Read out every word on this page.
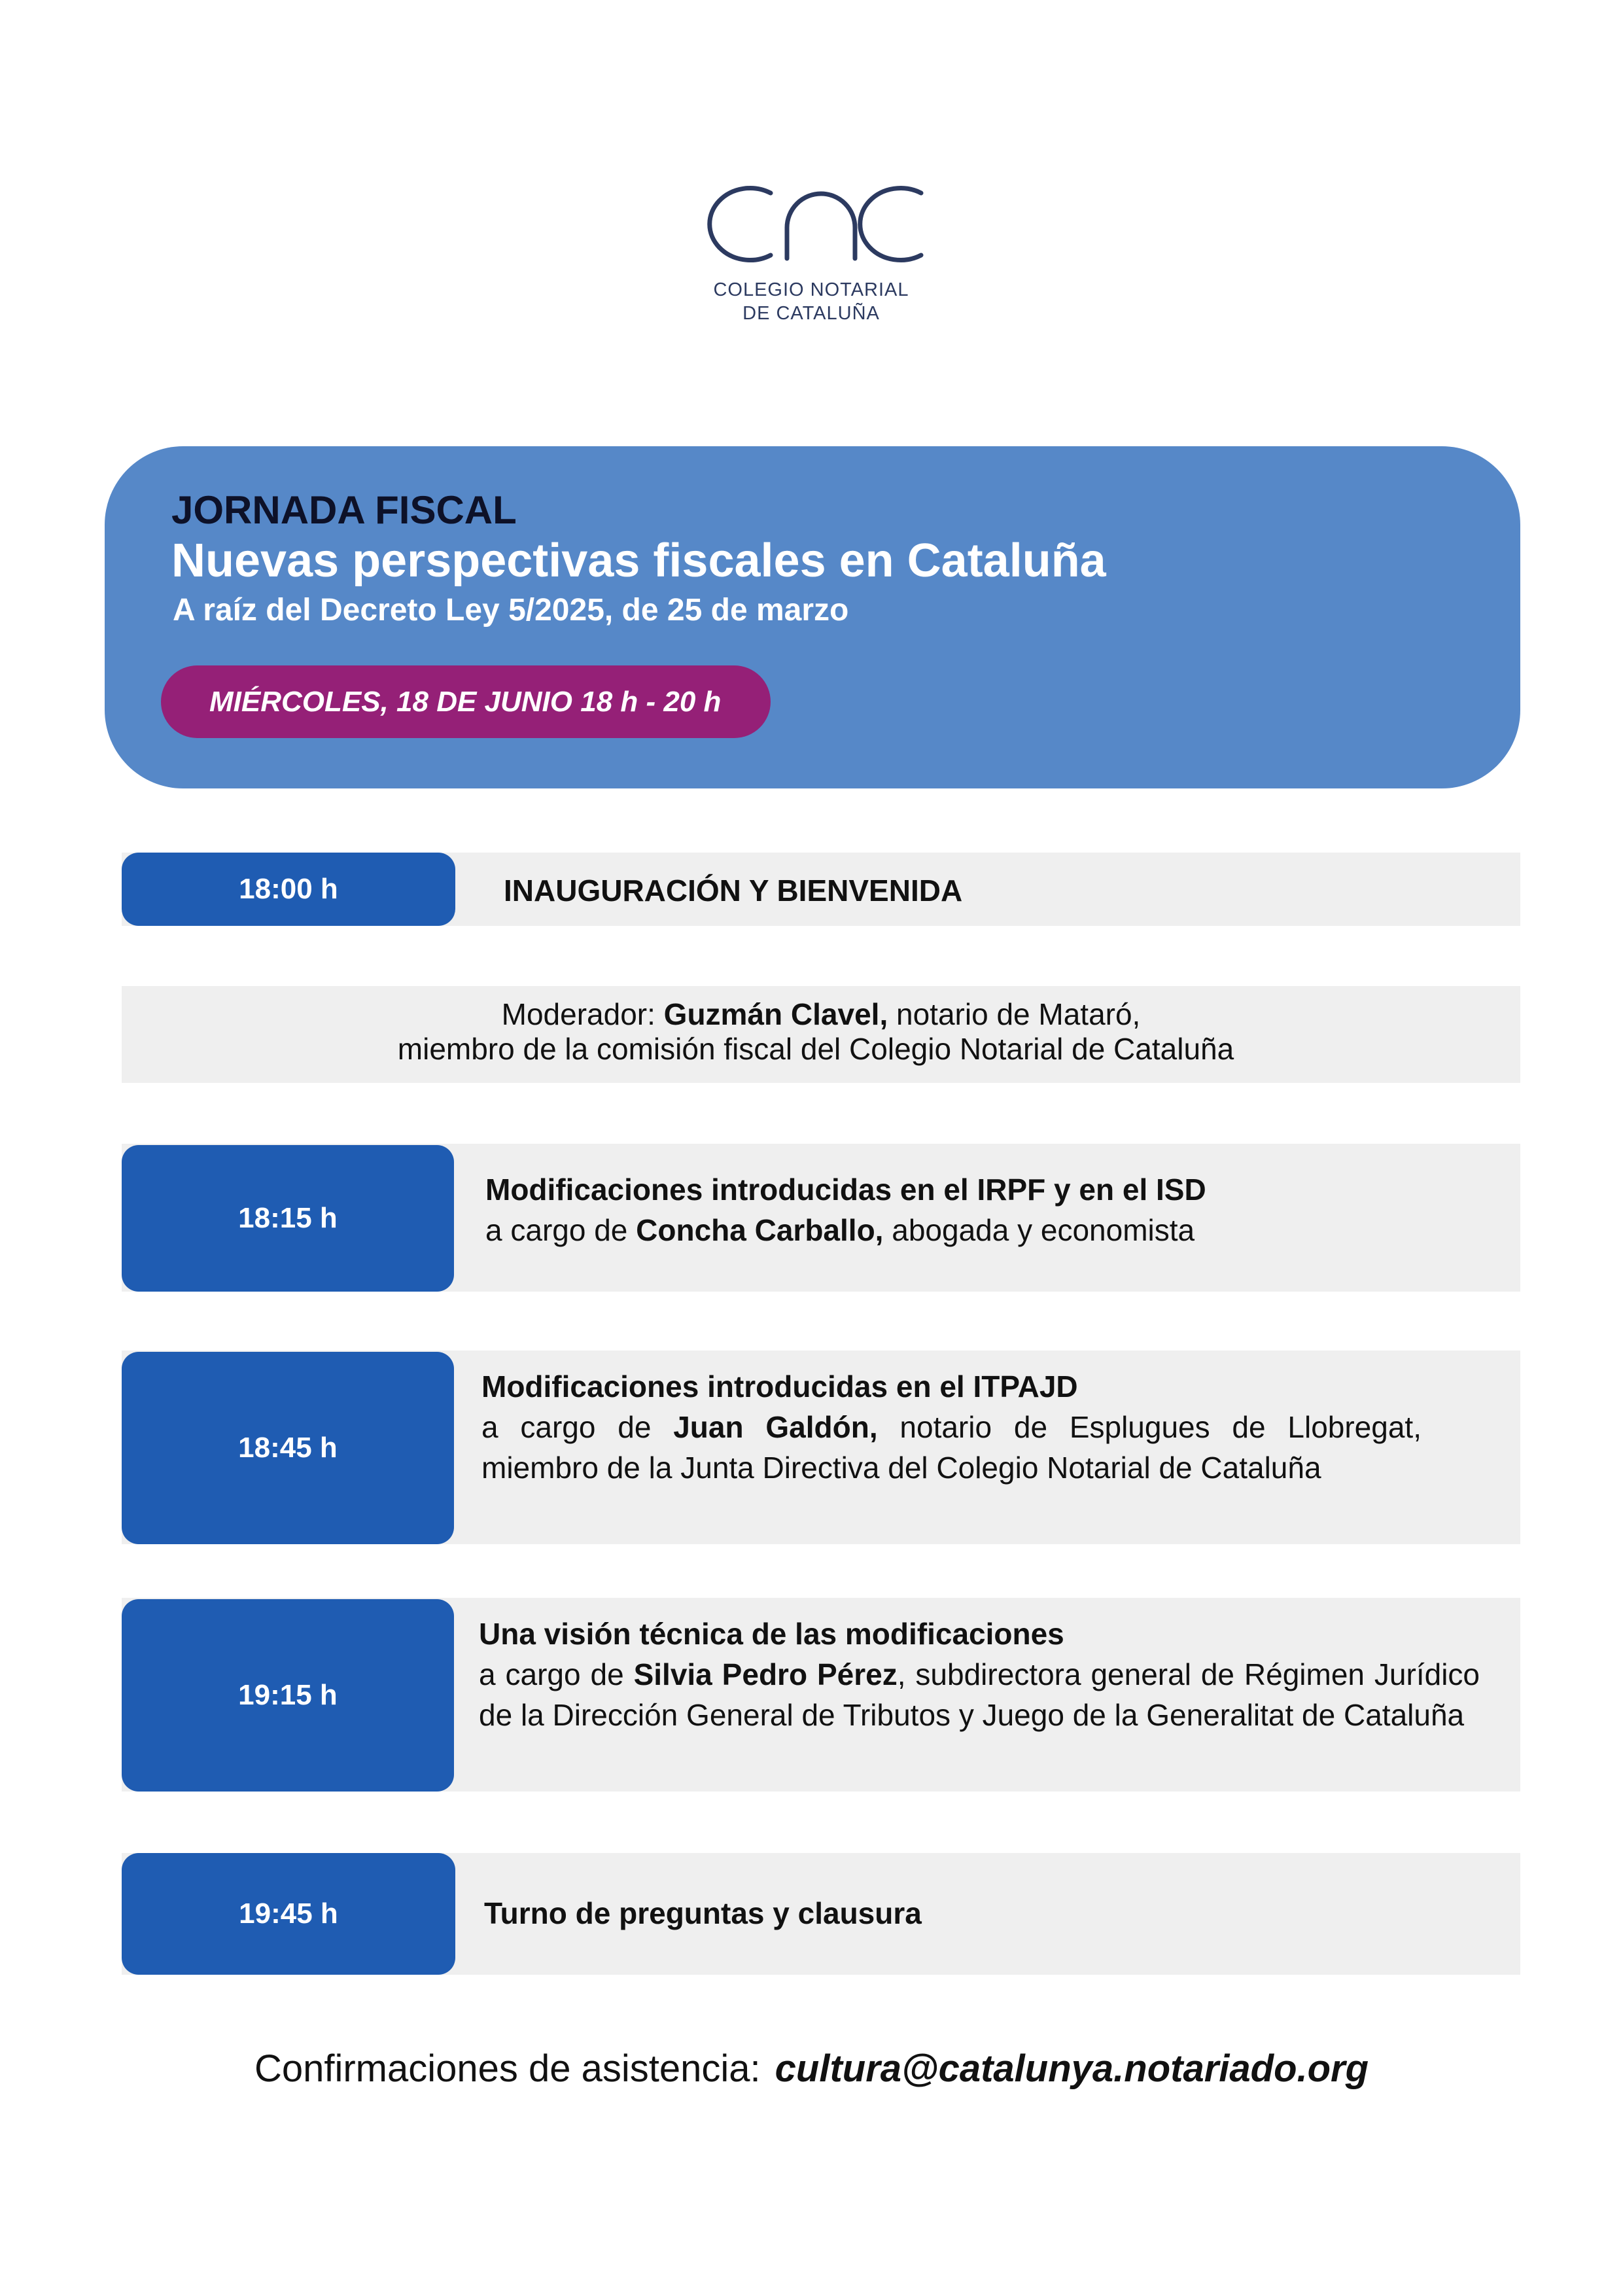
COLEGIO NOTARIAL
DE CATALUÑA
JORNADA FISCAL
Nuevas perspectivas fiscales en Cataluña
A raíz del Decreto Ley 5/2025, de 25 de marzo
MIÉRCOLES, 18 DE JUNIO 18 h - 20 h
18:00 h	INAUGURACIÓN Y BIENVENIDA
Moderador: Guzmán Clavel, notario de Mataró,
miembro de la comisión fiscal del Colegio Notarial de Cataluña
18:15 h
Modificaciones introducidas en el IRPF y en el ISD
a cargo de Concha Carballo, abogada y economista
18:45 h
Modificaciones introducidas en el ITPAJD
a cargo de Juan Galdón, notario de Esplugues de Llobregat, miembro de la Junta Directiva del Colegio Notarial de Cataluña
19:15 h
Una visión técnica de las modificaciones
a cargo de Silvia Pedro Pérez, subdirectora general de Régimen Jurídico de la Dirección General de Tributos y Juego de la Generalitat de Cataluña
19:45 h	Turno de preguntas y clausura
Confirmaciones de asistencia: cultura@catalunya.notariado.org
